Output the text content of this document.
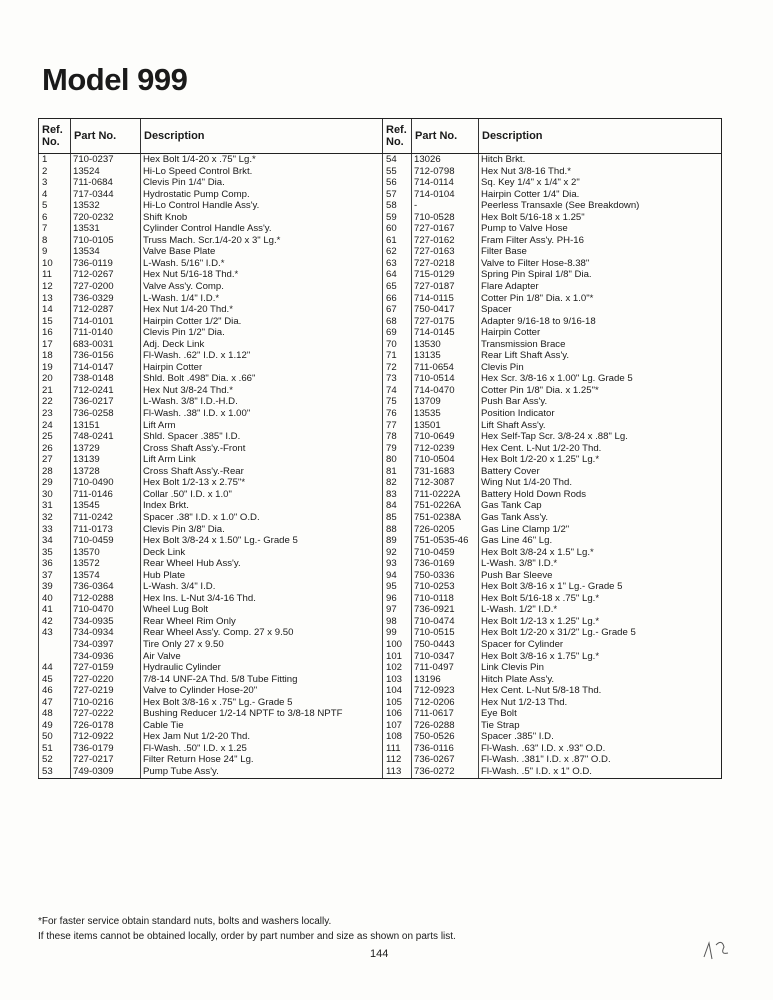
Model 999
Ref. No.	Part No.	Description
1	710-0237	Hex Bolt 1/4-20 x .75" Lg.*
2	13524	Hi-Lo Speed Control Brkt.
3	711-0684	Clevis Pin 1/4" Dia.
4	717-0344	Hydrostatic Pump Comp.
5	13532	Hi-Lo Control Handle Ass'y.
6	720-0232	Shift Knob
7	13531	Cylinder Control Handle Ass'y.
8	710-0105	Truss Mach. Scr.1/4-20 x 3" Lg.*
9	13534	Valve Base Plate
10	736-0119	L-Wash. 5/16" I.D.*
11	712-0267	Hex Nut 5/16-18 Thd.*
12	727-0200	Valve Ass'y. Comp.
13	736-0329	L-Wash. 1/4" I.D.*
14	712-0287	Hex Nut 1/4-20 Thd.*
15	714-0101	Hairpin Cotter 1/2" Dia.
16	711-0140	Clevis Pin 1/2" Dia.
17	683-0031	Adj. Deck Link
18	736-0156	Fl-Wash. .62" I.D. x 1.12"
19	714-0147	Hairpin Cotter
20	738-0148	Shld. Bolt .498" Dia. x .66"
21	712-0241	Hex Nut 3/8-24 Thd.*
22	736-0217	L-Wash. 3/8" I.D.-H.D.
23	736-0258	Fl-Wash. .38" I.D. x 1.00"
24	13151	Lift Arm
25	748-0241	Shld. Spacer .385" I.D.
26	13729	Cross Shaft Ass'y.-Front
27	13139	Lift Arm Link
28	13728	Cross Shaft Ass'y.-Rear
29	710-0490	Hex Bolt 1/2-13 x 2.75"*
30	711-0146	Collar .50" I.D. x 1.0"
31	13545	Index Brkt.
32	711-0242	Spacer .38" I.D. x 1.0" O.D.
33	711-0173	Clevis Pin 3/8" Dia.
34	710-0459	Hex Bolt 3/8-24 x 1.50" Lg.- Grade 5
35	13570	Deck Link
36	13572	Rear Wheel Hub Ass'y.
37	13574	Hub Plate
39	736-0364	L-Wash. 3/4" I.D.
40	712-0288	Hex Ins. L-Nut 3/4-16 Thd.
41	710-0470	Wheel Lug Bolt
42	734-0935	Rear Wheel Rim Only
43	734-0934	Rear Wheel Ass'y. Comp. 27 x 9.50
	734-0397	Tire Only 27 x 9.50
	734-0936	Air Valve
44	727-0159	Hydraulic Cylinder
45	727-0220	7/8-14 UNF-2A Thd. 5/8 Tube Fitting
46	727-0219	Valve to Cylinder Hose-20"
47	710-0216	Hex Bolt 3/8-16 x .75" Lg.- Grade 5
48	727-0222	Bushing Reducer 1/2-14 NPTF to 3/8-18 NPTF
49	726-0178	Cable Tie
50	712-0922	Hex Jam Nut 1/2-20 Thd.
51	736-0179	Fl-Wash. .50" I.D. x 1.25
52	727-0217	Filter Return Hose 24" Lg.
53	749-0309	Pump Tube Ass'y.
Ref. No.	Part No.	Description
54	13026	Hitch Brkt.
55	712-0798	Hex Nut 3/8-16 Thd.*
56	714-0114	Sq. Key 1/4" x 1/4" x 2"
57	714-0104	Hairpin Cotter 1/4" Dia.
58	-	Peerless Transaxle (See Breakdown)
59	710-0528	Hex Bolt 5/16-18 x 1.25"
60	727-0167	Pump to Valve Hose
61	727-0162	Fram Filter Ass'y. PH-16
62	727-0163	Filter Base
63	727-0218	Valve to Filter Hose-8.38"
64	715-0129	Spring Pin Spiral 1/8" Dia.
65	727-0187	Flare Adapter
66	714-0115	Cotter Pin 1/8" Dia. x 1.0"*
67	750-0417	Spacer
68	727-0175	Adapter 9/16-18 to 9/16-18
69	714-0145	Hairpin Cotter
70	13530	Transmission Brace
71	13135	Rear Lift Shaft Ass'y.
72	711-0654	Clevis Pin
73	710-0514	Hex Scr. 3/8-16 x 1.00" Lg. Grade 5
74	714-0470	Cotter Pin 1/8" Dia. x 1.25"*
75	13709	Push Bar Ass'y.
76	13535	Position Indicator
77	13501	Lift Shaft Ass'y.
78	710-0649	Hex Self-Tap Scr. 3/8-24 x .88" Lg.
79	712-0239	Hex Cent. L-Nut 1/2-20 Thd.
80	710-0504	Hex Bolt 1/2-20 x 1.25" Lg.*
81	731-1683	Battery Cover
82	712-3087	Wing Nut 1/4-20 Thd.
83	711-0222A	Battery Hold Down Rods
84	751-0226A	Gas Tank Cap
85	751-0238A	Gas Tank Ass'y.
88	726-0205	Gas Line Clamp 1/2"
89	751-0535-46	Gas Line 46" Lg.
92	710-0459	Hex Bolt 3/8-24 x 1.5" Lg.*
93	736-0169	L-Wash. 3/8" I.D.*
94	750-0336	Push Bar Sleeve
95	710-0253	Hex Bolt 3/8-16 x 1" Lg.- Grade 5
96	710-0118	Hex Bolt 5/16-18 x .75" Lg.*
97	736-0921	L-Wash. 1/2" I.D.*
98	710-0474	Hex Bolt 1/2-13 x 1.25" Lg.*
99	710-0515	Hex Bolt 1/2-20 x 31/2" Lg.- Grade 5
100	750-0443	Spacer for Cylinder
101	710-0347	Hex Bolt 3/8-16 x 1.75" Lg.*
102	711-0497	Link Clevis Pin
103	13196	Hitch Plate Ass'y.
104	712-0923	Hex Cent. L-Nut 5/8-18 Thd.
105	712-0206	Hex Nut 1/2-13 Thd.
106	711-0617	Eye Bolt
107	726-0288	Tie Strap
108	750-0526	Spacer .385" I.D.
111	736-0116	Fl-Wash. .63" I.D. x .93" O.D.
112	736-0267	Fl-Wash. .381" I.D. x .87" O.D.
113	736-0272	Fl-Wash. .5" I.D. x 1" O.D.
*For faster service obtain standard nuts, bolts and washers locally.
If these items cannot be obtained locally, order by part number and size as shown on parts list.
144
